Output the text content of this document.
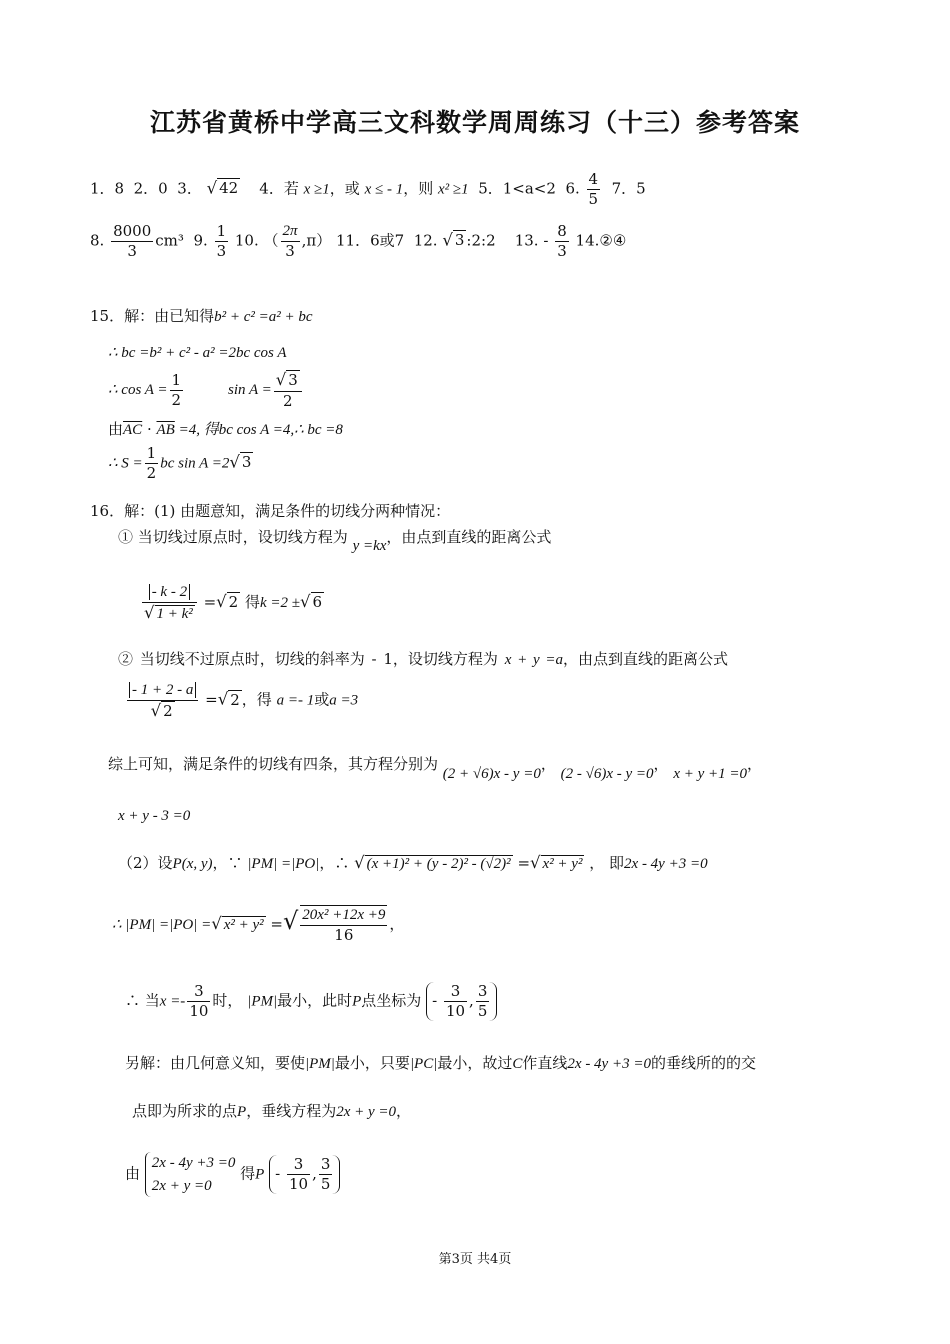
江苏省黄桥中学高三文科数学周周练习（十三）参考答案
1．8 2．0 3． √ 42 4．若 x ≥1，或 x ≤ - 1，则 x² ≥1 5．1<a<2 6. $\frac{4}{5} 7$．5
8. $\frac{8000}{3} cm^3$ 9. $\frac{1}{3} 10$. （ $\frac{2\pi}{3} ,\pi$） 11．6或7 12. √ 3 :2:2 13. - $\frac{8}{3}$ 14.②④
15．解：由已知得b² + c² =a² + bc
∴ bc =b² + c² - a² =2bc cos A
∴ $\cos A = \frac{1}{2}$	$\sin A = \frac{√ 3}{2}$
由$\overline{AC} \cdot \overline{AB} =4$, 得bc cos A =4,∴ bc =8
∴ $S = \frac{1}{2}$ bc sin A =2√ 3
16．解：(1) 由题意知，满足条件的切线分两种情况：
① 当切线过原点时，设切线方程为 y =kx，由点到直线的距离公式
$\frac{- k - 2}{\text{√ 1 + k²}}$ =√ 2 得k =2 ±√ 6
② 当切线不过原点时，切线的斜率为 - 1，设切线方程为 x + y =a，由点到直线的距离公式
$\frac{- 1 + 2 - a}{√ 2}$ =√ 2 ，得 a =- 1或a =3
综上可知，满足条件的切线有四条，其方程分别为 (2 + √6)x - y =0， (2 - √6)x - y =0， x + y +1 =0，
x + y - 3 =0
（2）设P(x, y)，∵ |PM| =|PO|，∴ √ (x +1)² + (y - 2)² - (√2)² =√ x² + y² ， 即2x - 4y +3 =0
∴ |PM| =|PO| =√ x² + y² =√ $\frac{\text{20x² +12x +9}}{16}$ ，
∴ 当$x =- \frac{3}{10}$ 时， |PM|最小，此时P点坐标为 - $\frac{3}{10}$ , $\frac{3}{5}$
另解：由几何意义知，要使|PM|最小，只要|PC|最小，故过C作直线2x - 4y +3 =0的垂线所的的交
点即为所求的点P，垂线方程为2x + y =0，
由
2x - 4y +3 =0
2x + y =0
得P - $\frac{3}{10}$ , $\frac{3}{5}$
第3页 共4页
